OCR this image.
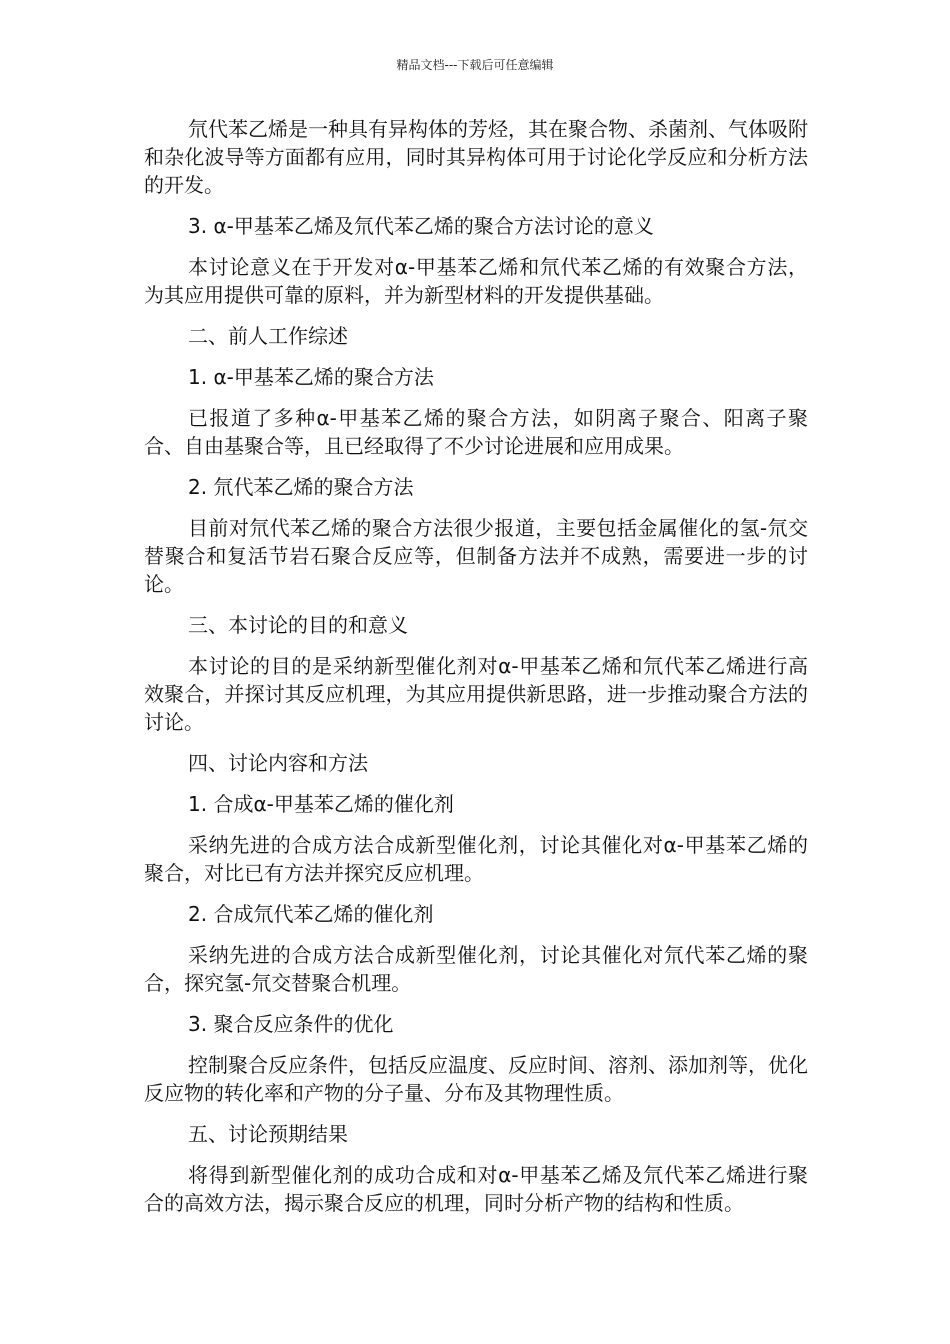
精品文档---下载后可任意编辑

氘代苯乙烯是一种具有异构体的芳烃，其在聚合物、杀菌剂、气体吸附和杂化波导等方面都有应用，同时其异构体可用于讨论化学反应和分析方法的开发。

3. α-甲基苯乙烯及氘代苯乙烯的聚合方法讨论的意义

本讨论意义在于开发对α-甲基苯乙烯和氘代苯乙烯的有效聚合方法，为其应用提供可靠的原料，并为新型材料的开发提供基础。

二、前人工作综述

1. α-甲基苯乙烯的聚合方法

已报道了多种α-甲基苯乙烯的聚合方法，如阴离子聚合、阳离子聚合、自由基聚合等，且已经取得了不少讨论进展和应用成果。

2. 氘代苯乙烯的聚合方法

目前对氘代苯乙烯的聚合方法很少报道，主要包括金属催化的氢-氘交替聚合和复活节岩石聚合反应等，但制备方法并不成熟，需要进一步的讨论。

三、本讨论的目的和意义

本讨论的目的是采纳新型催化剂对α-甲基苯乙烯和氘代苯乙烯进行高效聚合，并探讨其反应机理，为其应用提供新思路，进一步推动聚合方法的讨论。

四、讨论内容和方法

1. 合成α-甲基苯乙烯的催化剂

采纳先进的合成方法合成新型催化剂，讨论其催化对α-甲基苯乙烯的聚合，对比已有方法并探究反应机理。

2. 合成氘代苯乙烯的催化剂

采纳先进的合成方法合成新型催化剂，讨论其催化对氘代苯乙烯的聚合，探究氢-氘交替聚合机理。

3. 聚合反应条件的优化

控制聚合反应条件，包括反应温度、反应时间、溶剂、添加剂等，优化反应物的转化率和产物的分子量、分布及其物理性质。

五、讨论预期结果

将得到新型催化剂的成功合成和对α-甲基苯乙烯及氘代苯乙烯进行聚合的高效方法，揭示聚合反应的机理，同时分析产物的结构和性质。
